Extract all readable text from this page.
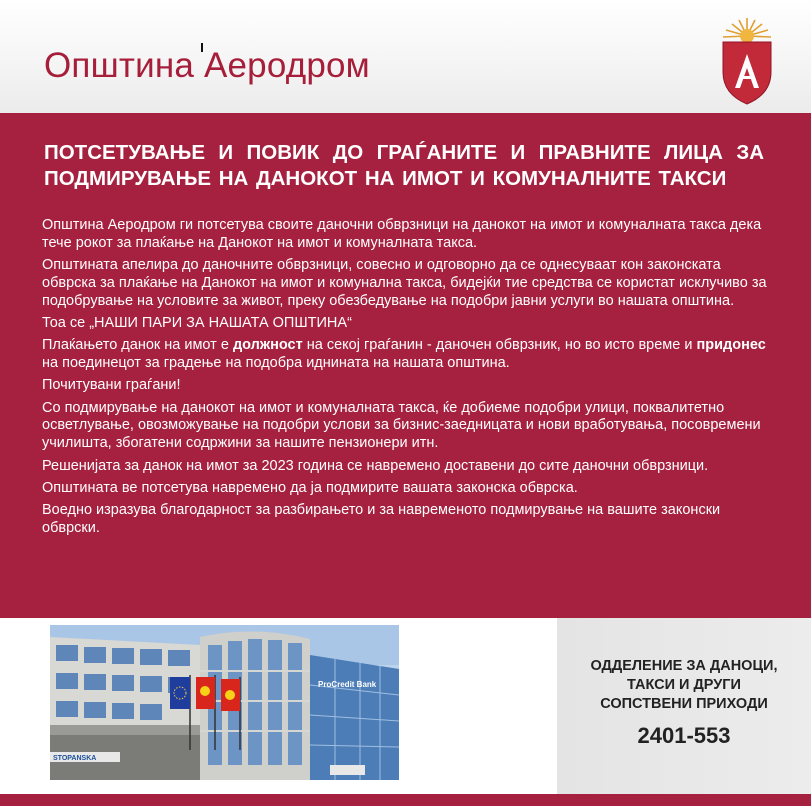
Општина Аеродром
ПОТСЕТУВАЊЕ И ПОВИК ДО ГРАЃАНИТЕ И ПРАВНИТЕ ЛИЦА ЗА ПОДМИРУВАЊЕ НА ДАНОКОТ НА ИМОТ И КОМУНАЛНИТЕ ТАКСИ

Општина Аеродром ги потсетува своите даночни обврзници на данокот на имот и комуналната такса дека тече рокот за плаќање на Данокот на имот и комуналната такса.

Општината апелира до даночните обврзници, совесно и одговорно да се однесуваат кон законската обврска за плаќање на Данокот на имот и комунална такса, бидејќи тие средства се користат исклучиво за подобрување на условите за живот, преку обезбедување на подобри јавни услуги во нашата општина.

Тоа се „НАШИ ПАРИ ЗА НАШАТА ОПШТИНА“

Плаќањето данок на имот е должност на секој граѓанин - даночен обврзник, но во исто време и придонес на поединецот за градење на подобра иднината на нашата општина.

Почитувани граѓани!

Со подмирување на данокот на имот и комуналната такса, ќе добиеме подобри улици, поквалитетно осветлување, овозможување на подобри услови за бизнис-заедницата и нови вработувања, посовремени училишта, збогатени содржини за нашите пензионери итн.

Решенијата за данок на имот за 2023 година се навремено доставени до сите даночни обврзници.

Општината ве потсетува навремено да ја подмирите вашата законска обврска.

Воедно изразува благодарност за разбирањето и за навременото подмирување на вашите законски обврски.

ProCredit Bank
STOPANSKA
ОДДЕЛЕНИЕ ЗА ДАНОЦИ,
ТАКСИ И ДРУГИ
СОПСТВЕНИ ПРИХОДИ
2401-553
